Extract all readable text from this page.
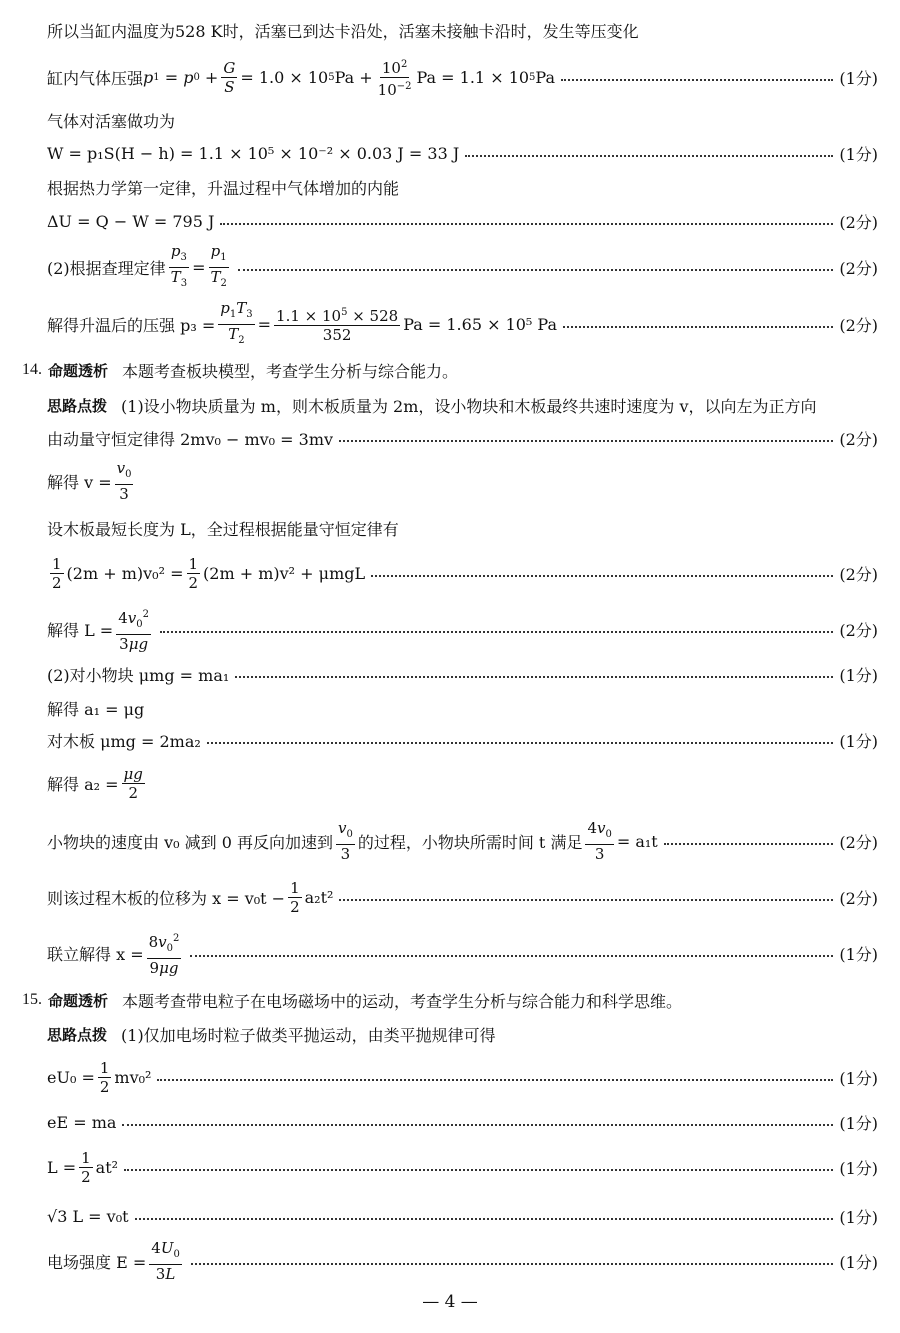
所以当缸内温度为528 K时，活塞已到达卡沿处，活塞未接触卡沿时，发生等压变化
缸内气体压强 p 1 = p $0 + \frac{G}{S} = 1.0 \times 10$ 5 $Pa + \frac{10^2}{10^{-2}}$ Pa = 1.1 × 10 5 Pa	(1分)
气体对活塞做功为
W = p₁S(H − h) = 1.1 × 10⁵ × 10⁻² × 0.03 J = 33 J	(1分)
根据热力学第一定律，升温过程中气体增加的内能
ΔU = Q − W = 795 J	(2分)
(2)根据查理定律 $\frac{p_3}{T_3} = \frac{p_1}{T_2}$	(2分)
解得升温后的压强 $p_3 = \frac{p_1T_3}{T_2} = \frac{1.1 \times 10^5 \times 528}{352}$ Pa = 1.65 × 10⁵ Pa	(2分)
14. 命题透析 本题考查板块模型，考查学生分析与综合能力。
思路点拨 (1)设小物块质量为 m，则木板质量为 2m，设小物块和木板最终共速时速度为 v，以向左为正方向
由动量守恒定律得 2mv₀ − mv₀ = 3mv	(2分)
解得 $v = \frac{v_0}{3}$
设木板最短长度为 L，全过程根据能量守恒定律有
$\frac{1}{2} (2m + m)v_0^2 = \frac{1}{2} (2m + m)v^2 + \mu mgL$	(2分)
解得 $L = \frac{4v_0^2}{3\mu g}$	(2分)
(2)对小物块 μmg = ma₁	(1分)
解得 a₁ = μg
对木板 μmg = 2ma₂	(1分)
解得 $a_2 = \frac{\mu g}{2}$
小物块的速度由 v₀ 减到 0 再反向加速到 $\frac{v_0}{3}$ 的过程，小物块所需时间 t 满足 $\frac{4v_0}{3} = a_1t$	(2分)
则该过程木板的位移为 $x = v_0t - \frac{1}{2} a_2t^2$	(2分)
联立解得 $x = \frac{8v_0^2}{9\mu g}$	(1分)
15. 命题透析 本题考查带电粒子在电场磁场中的运动，考查学生分析与综合能力和科学思维。
思路点拨 (1)仅加电场时粒子做类平抛运动，由类平抛规律可得
$eU_0 = \frac{1}{2} mv_0^2$	(1分)
eE = ma	(1分)
$L = \frac{1}{2} at^2$	(1分)
√3 L = v₀t	(1分)
电场强度 $E = \frac{4U_0}{3L}$	(1分)
— 4 —
